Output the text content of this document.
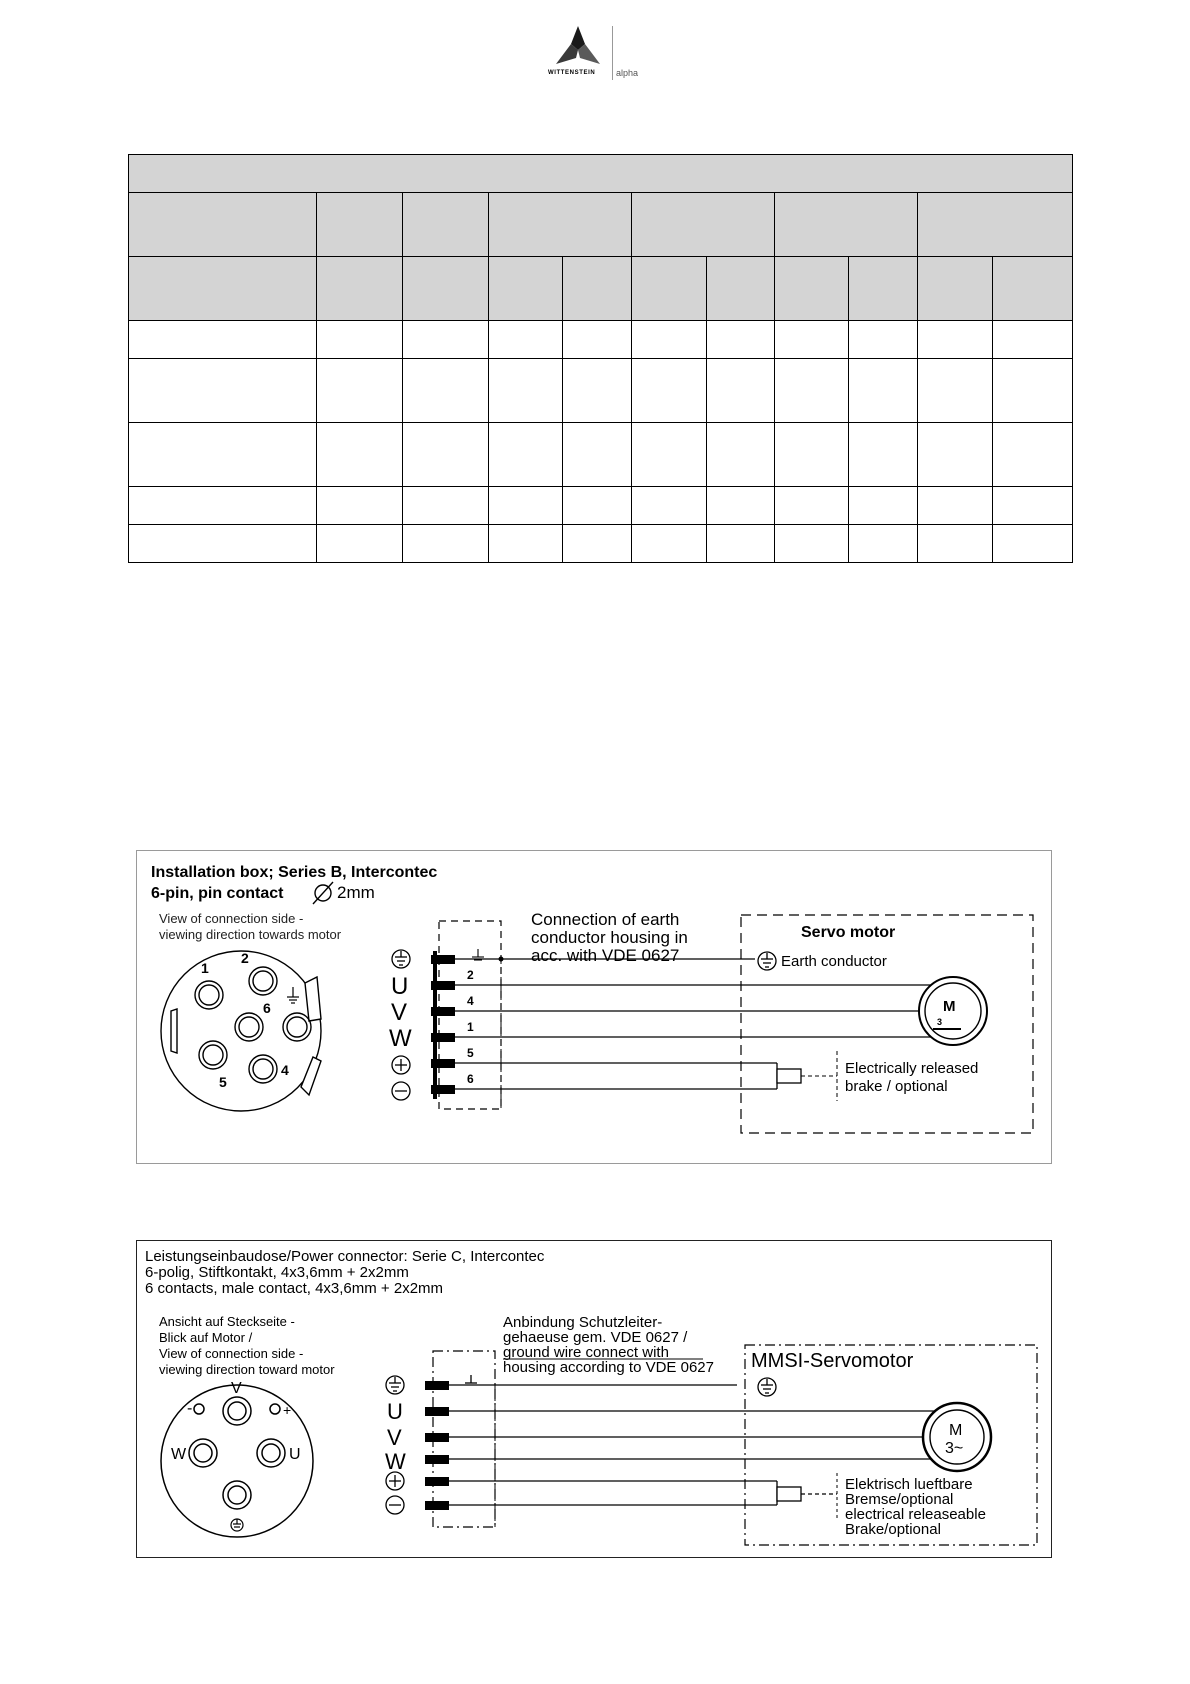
WITTENSTEIN alpha

Installation box; Series B, Intercontec
6-pin, pin contact	2mm
View of connection side -
viewing direction towards motor
1
2
6
4
5
U
V
W
2
4
1
5
6
Connection of earth
conductor housing in
acc. with VDE 0627
Servo motor
Earth conductor
M
3
Electrically released
brake / optional
Leistungseinbaudose/Power connector: Serie C, Intercontec
6-polig, Stiftkontakt, 4x3,6mm + 2x2mm
6 contacts, male contact, 4x3,6mm + 2x2mm
Ansicht auf Steckseite -
Blick auf Motor /
View of connection side -
viewing direction toward motor
V
W	U
-	+	U
V
W
Anbindung Schutzleiter-
gehaeuse gem. VDE 0627 /
ground wire connect with
housing according to VDE 0627 MMSI-Servomotor
M
3~
Elektrisch lueftbare
Bremse/optional
electrical releaseable
Brake/optional
